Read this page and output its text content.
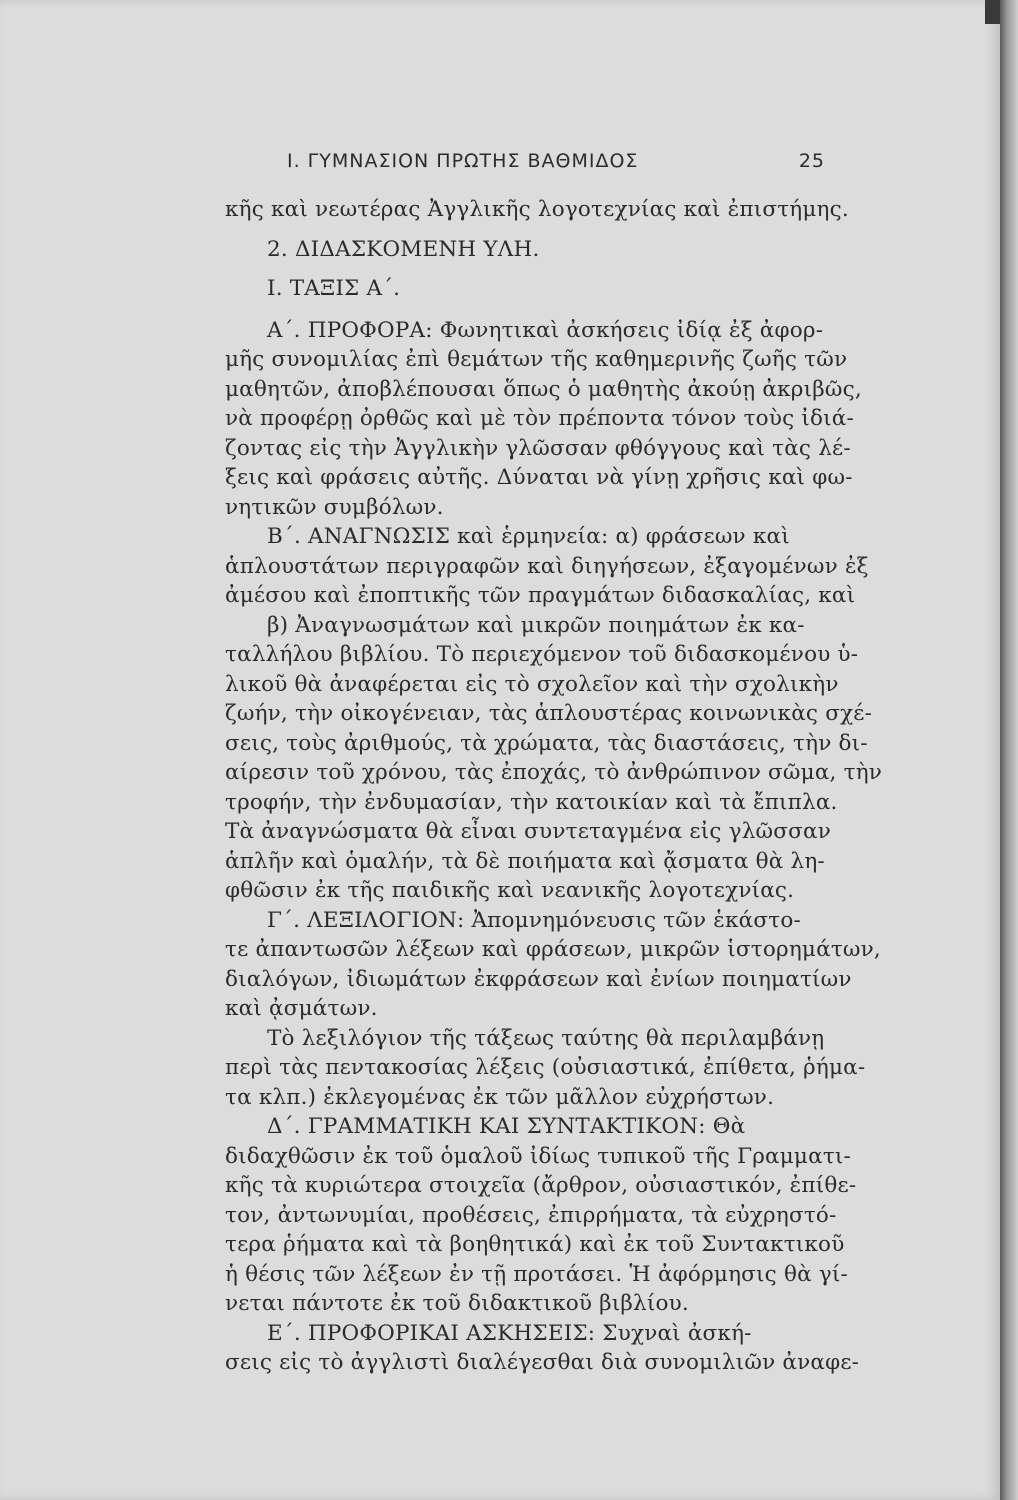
Ι. ΓΥΜΝΑΣΙΟΝ ΠΡΩΤΗΣ ΒΑΘΜΙΔΟΣ	25
κῆς καὶ νεωτέρας Ἀγγλικῆς λογοτεχνίας καὶ ἐπιστήμης.
2. ΔΙΔΑΣΚΟΜΕΝΗ ΥΛΗ.
Ι. ΤΑΞΙΣ Α΄.
Α΄. ΠΡΟΦΟΡΑ: Φωνητικαὶ ἀσκήσεις ἰδίᾳ ἐξ ἀφορ-
μῆς συνομιλίας ἐπὶ θεμάτων τῆς καθημερινῆς ζωῆς τῶν
μαθητῶν, ἀποβλέπουσαι ὅπως ὁ μαθητὴς ἀκούῃ ἀκριβῶς,
νὰ προφέρῃ ὀρθῶς καὶ μὲ τὸν πρέποντα τόνον τοὺς ἰδιά-
ζοντας εἰς τὴν Ἀγγλικὴν γλῶσσαν φθόγγους καὶ τὰς λέ-
ξεις καὶ φράσεις αὐτῆς. Δύναται νὰ γίνῃ χρῆσις καὶ φω-
νητικῶν συμβόλων.
Β΄. ΑΝΑΓΝΩΣΙΣ καὶ ἑρμηνεία: α) φράσεων καὶ
ἁπλουστάτων περιγραφῶν καὶ διηγήσεων, ἐξαγομένων ἐξ
ἀμέσου καὶ ἐποπτικῆς τῶν πραγμάτων διδασκαλίας, καὶ
β) Ἀναγνωσμάτων καὶ μικρῶν ποιημάτων ἐκ κα-
ταλλήλου βιβλίου. Τὸ περιεχόμενον τοῦ διδασκομένου ὑ-
λικοῦ θὰ ἀναφέρεται εἰς τὸ σχολεῖον καὶ τὴν σχολικὴν
ζωήν, τὴν οἰκογένειαν, τὰς ἁπλουστέρας κοινωνικὰς σχέ-
σεις, τοὺς ἀριθμούς, τὰ χρώματα, τὰς διαστάσεις, τὴν δι-
αίρεσιν τοῦ χρόνου, τὰς ἐποχάς, τὸ ἀνθρώπινον σῶμα, τὴν
τροφήν, τὴν ἐνδυμασίαν, τὴν κατοικίαν καὶ τὰ ἔπιπλα.
Τὰ ἀναγνώσματα θὰ εἶναι συντεταγμένα εἰς γλῶσσαν
ἁπλῆν καὶ ὁμαλήν, τὰ δὲ ποιήματα καὶ ᾄσματα θὰ λη-
φθῶσιν ἐκ τῆς παιδικῆς καὶ νεανικῆς λογοτεχνίας.
Γ΄. ΛΕΞΙΛΟΓΙΟΝ: Ἀπομνημόνευσις τῶν ἑκάστο-
τε ἀπαντωσῶν λέξεων καὶ φράσεων, μικρῶν ἱστορημάτων,
διαλόγων, ἰδιωμάτων ἐκφράσεων καὶ ἐνίων ποιηματίων
καὶ ᾀσμάτων.
Τὸ λεξιλόγιον τῆς τάξεως ταύτης θὰ περιλαμβάνῃ
περὶ τὰς πεντακοσίας λέξεις (οὐσιαστικά, ἐπίθετα, ῥήμα-
τα κλπ.) ἐκλεγομένας ἐκ τῶν μᾶλλον εὐχρήστων.
Δ΄. ΓΡΑΜΜΑΤΙΚΗ ΚΑΙ ΣΥΝΤΑΚΤΙΚΟΝ: Θὰ
διδαχθῶσιν ἐκ τοῦ ὁμαλοῦ ἰδίως τυπικοῦ τῆς Γραμματι-
κῆς τὰ κυριώτερα στοιχεῖα (ἄρθρον, οὐσιαστικόν, ἐπίθε-
τον, ἀντωνυμίαι, προθέσεις, ἐπιρρήματα, τὰ εὐχρηστό-
τερα ῥήματα καὶ τὰ βοηθητικά) καὶ ἐκ τοῦ Συντακτικοῦ
ἡ θέσις τῶν λέξεων ἐν τῇ προτάσει. Ἡ ἀφόρμησις θὰ γί-
νεται πάντοτε ἐκ τοῦ διδακτικοῦ βιβλίου.
Ε΄. ΠΡΟΦΟΡΙΚΑΙ ΑΣΚΗΣΕΙΣ: Συχναὶ ἀσκή-
σεις εἰς τὸ ἀγγλιστὶ διαλέγεσθαι διὰ συνομιλιῶν ἀναφε-
